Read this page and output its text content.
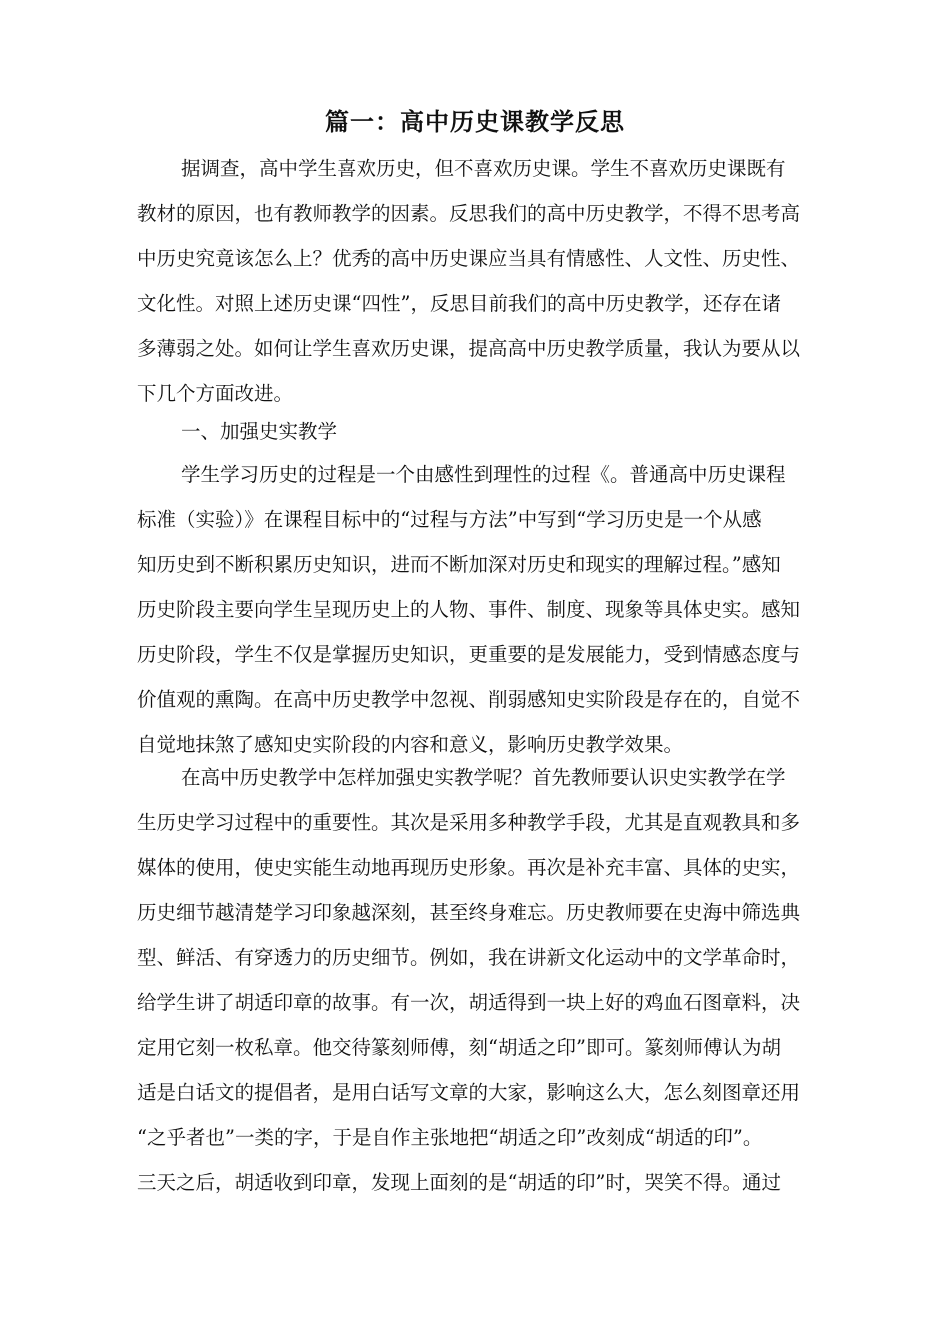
篇一：高中历史课教学反思
据调查，高中学生喜欢历史，但不喜欢历史课。学生不喜欢历史课既有
教材的原因，也有教师教学的因素。反思我们的高中历史教学，不得不思考高
中历史究竟该怎么上？优秀的高中历史课应当具有情感性、人文性、历史性、
文化性。对照上述历史课“四性”，反思目前我们的高中历史教学，还存在诸
多薄弱之处。如何让学生喜欢历史课，提高高中历史教学质量，我认为要从以
下几个方面改进。
一、加强史实教学
学生学习历史的过程是一个由感性到理性的过程《。普通高中历史课程
标准（实验）》在课程目标中的“过程与方法”中写到“学习历史是一个从感
知历史到不断积累历史知识，进而不断加深对历史和现实的理解过程。”感知
历史阶段主要向学生呈现历史上的人物、事件、制度、现象等具体史实。感知
历史阶段，学生不仅是掌握历史知识，更重要的是发展能力，受到情感态度与
价值观的熏陶。在高中历史教学中忽视、削弱感知史实阶段是存在的，自觉不
自觉地抹煞了感知史实阶段的内容和意义，影响历史教学效果。
在高中历史教学中怎样加强史实教学呢？首先教师要认识史实教学在学
生历史学习过程中的重要性。其次是采用多种教学手段，尤其是直观教具和多
媒体的使用，使史实能生动地再现历史形象。再次是补充丰富、具体的史实，
历史细节越清楚学习印象越深刻，甚至终身难忘。历史教师要在史海中筛选典
型、鲜活、有穿透力的历史细节。例如，我在讲新文化运动中的文学革命时，
给学生讲了胡适印章的故事。有一次，胡适得到一块上好的鸡血石图章料，决
定用它刻一枚私章。他交待篆刻师傅，刻“胡适之印”即可。篆刻师傅认为胡
适是白话文的提倡者，是用白话写文章的大家，影响这么大，怎么刻图章还用
“之乎者也”一类的字，于是自作主张地把“胡适之印”改刻成“胡适的印”。
三天之后，胡适收到印章，发现上面刻的是“胡适的印”时，哭笑不得。通过
